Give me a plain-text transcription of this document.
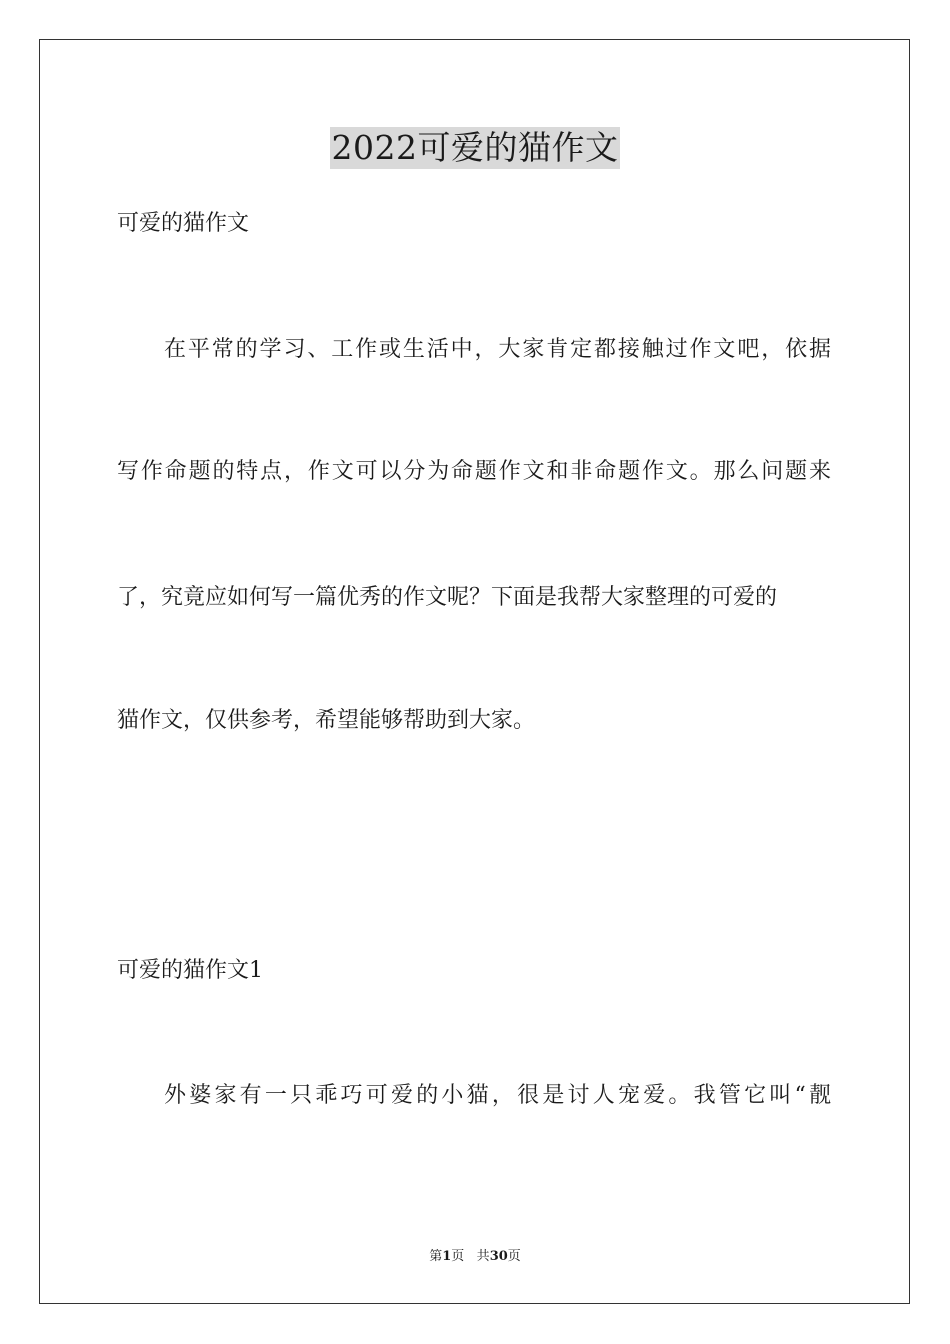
2022可爱的猫作文
可爱的猫作文
在平常的学习、工作或生活中，大家肯定都接触过作文吧，依据
写作命题的特点，作文可以分为命题作文和非命题作文。那么问题来
了，究竟应如何写一篇优秀的作文呢？下面是我帮大家整理的可爱的
猫作文，仅供参考，希望能够帮助到大家。
可爱的猫作文1
外婆家有一只乖巧可爱的小猫，很是讨人宠爱。我管它叫“靓
第1页 共30页
